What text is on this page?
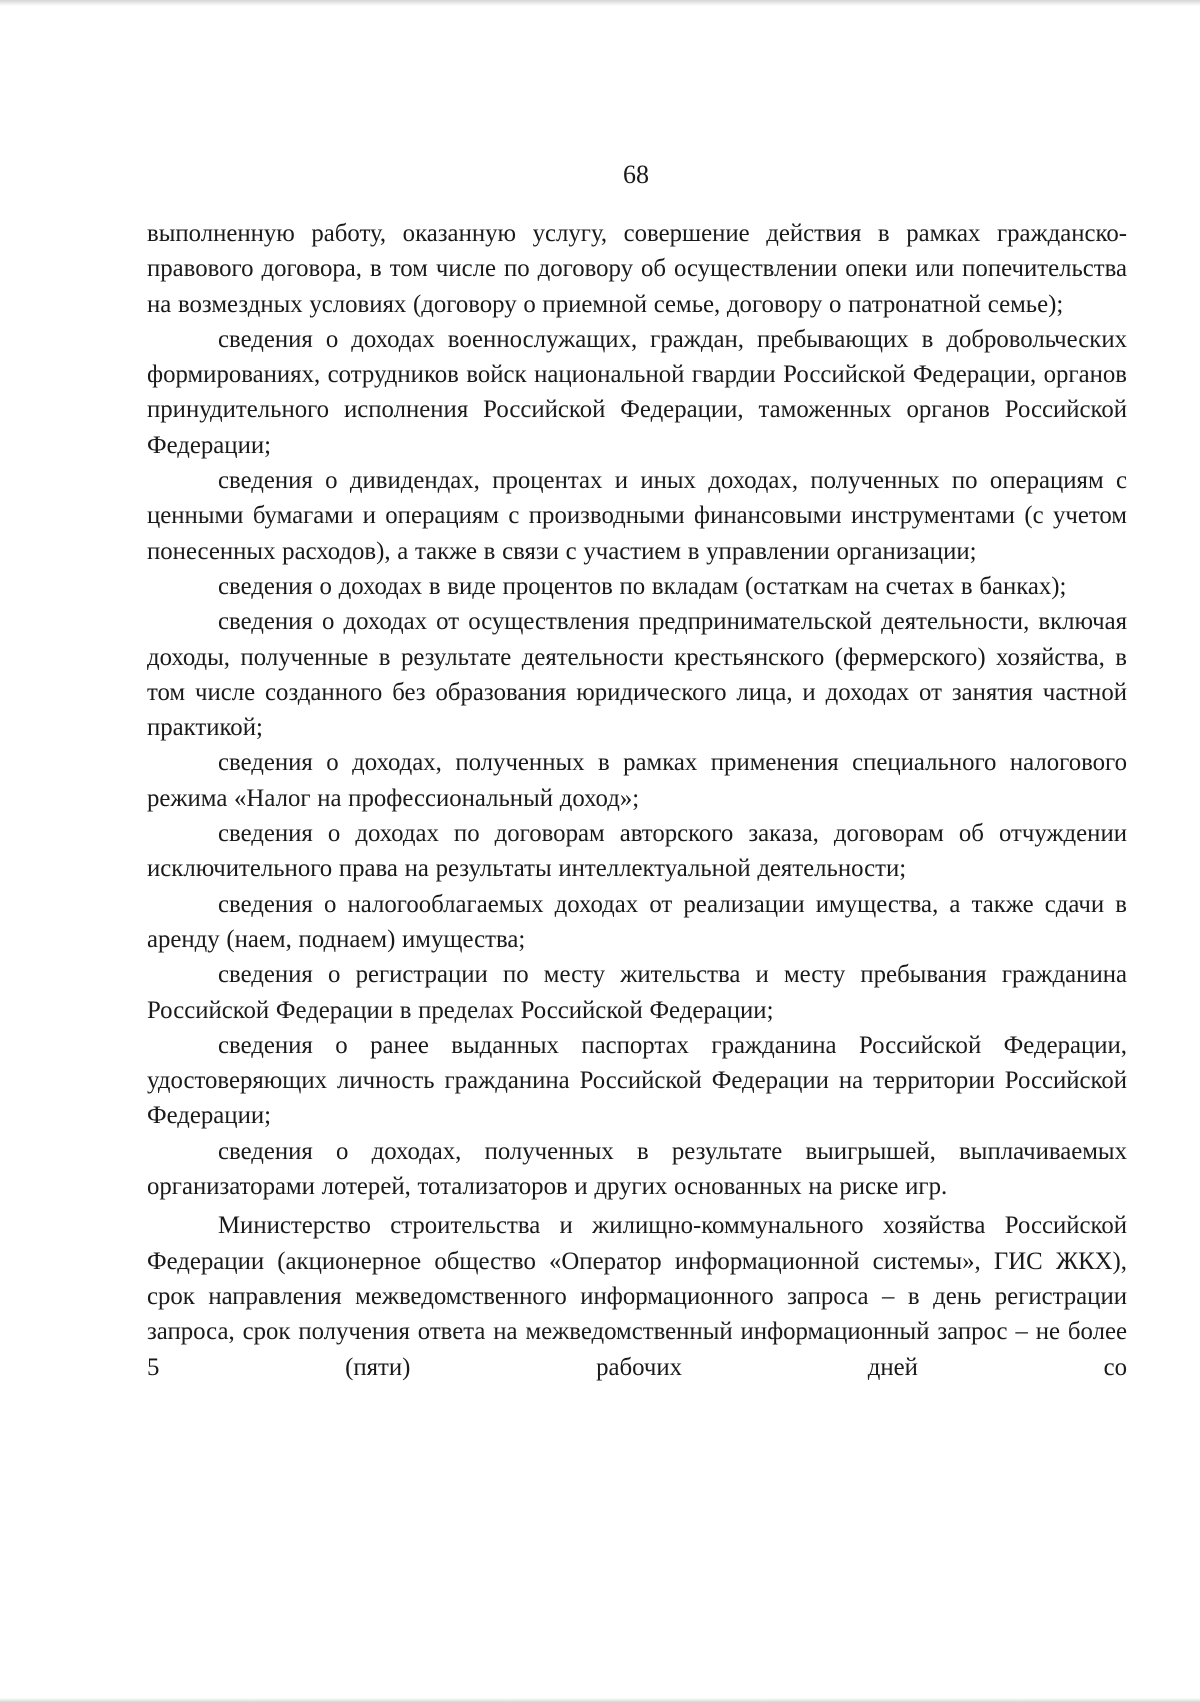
68

выполненную работу, оказанную услугу, совершение действия в рамках гражданско-правового договора, в том числе по договору об осуществлении опеки или попечительства на возмездных условиях (договору о приемной семье, договору о патронатной семье);

сведения о доходах военнослужащих, граждан, пребывающих в добровольческих формированиях, сотрудников войск национальной гвардии Российской Федерации, органов принудительного исполнения Российской Федерации, таможенных органов Российской Федерации;

сведения о дивидендах, процентах и иных доходах, полученных по операциям с ценными бумагами и операциям с производными финансовыми инструментами (с учетом понесенных расходов), а также в связи с участием в управлении организации;

сведения о доходах в виде процентов по вкладам (остаткам на счетах в банках);

сведения о доходах от осуществления предпринимательской деятельности, включая доходы, полученные в результате деятельности крестьянского (фермерского) хозяйства, в том числе созданного без образования юридического лица, и доходах от занятия частной практикой;

сведения о доходах, полученных в рамках применения специального налогового режима «Налог на профессиональный доход»;

сведения о доходах по договорам авторского заказа, договорам об отчуждении исключительного права на результаты интеллектуальной деятельности;

сведения о налогооблагаемых доходах от реализации имущества, а также сдачи в аренду (наем, поднаем) имущества;

сведения о регистрации по месту жительства и месту пребывания гражданина Российской Федерации в пределах Российской Федерации;

сведения о ранее выданных паспортах гражданина Российской Федерации, удостоверяющих личность гражданина Российской Федерации на территории Российской Федерации;

сведения о доходах, полученных в результате выигрышей, выплачиваемых организаторами лотерей, тотализаторов и других основанных на риске игр.

Министерство строительства и жилищно-коммунального хозяйства Российской Федерации (акционерное общество «Оператор информационной системы», ГИС ЖКХ), срок направления межведомственного информационного запроса – в день регистрации запроса, срок получения ответа на межведомственный информационный запрос – не более 5 (пяти) рабочих дней со
